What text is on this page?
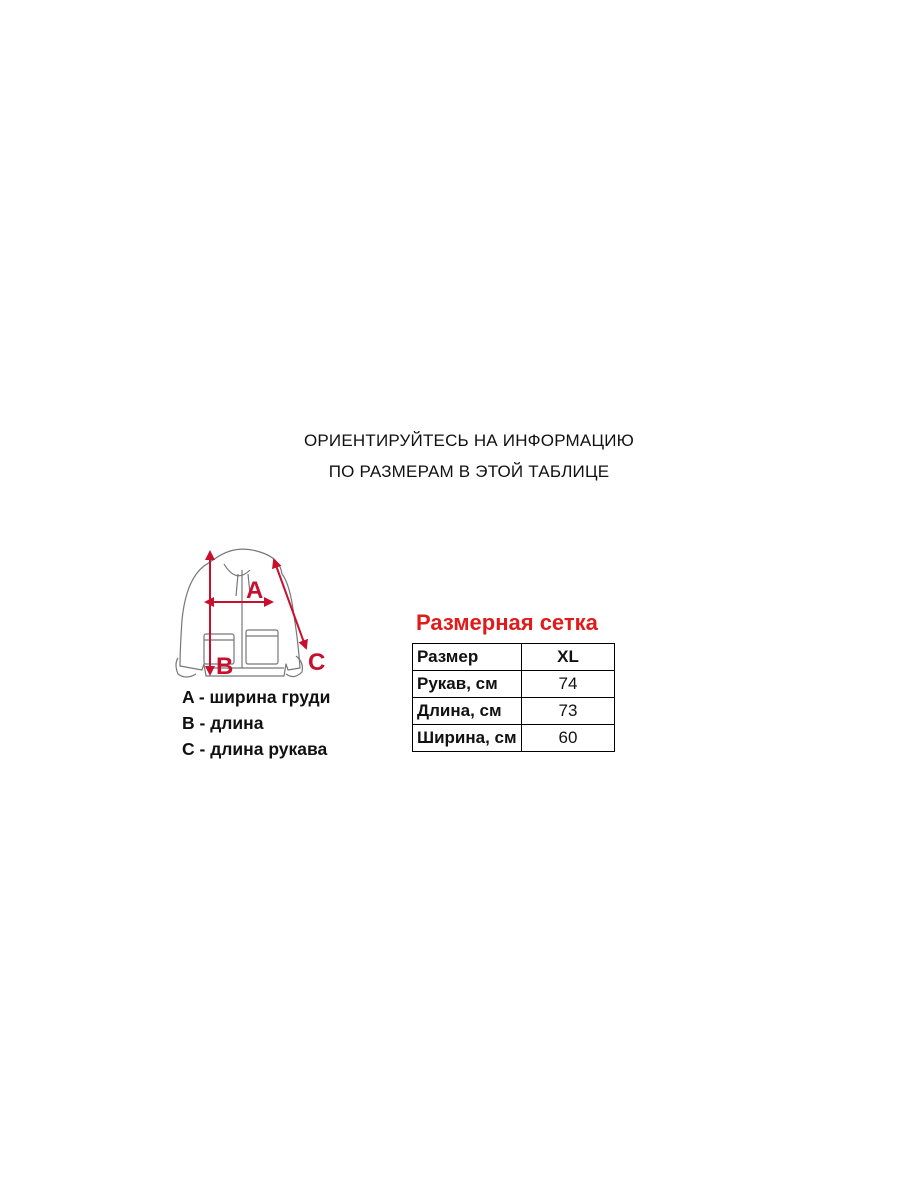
ОРИЕНТИРУЙТЕСЬ НА ИНФОРМАЦИЮ
ПО РАЗМЕРАМ В ЭТОЙ ТАБЛИЦЕ
A
B	C
A - ширина груди
B - длина
C - длина рукава
Размерная сетка
Размер	XL
Рукав, см	74
Длина, см	73
Ширина, см	60
